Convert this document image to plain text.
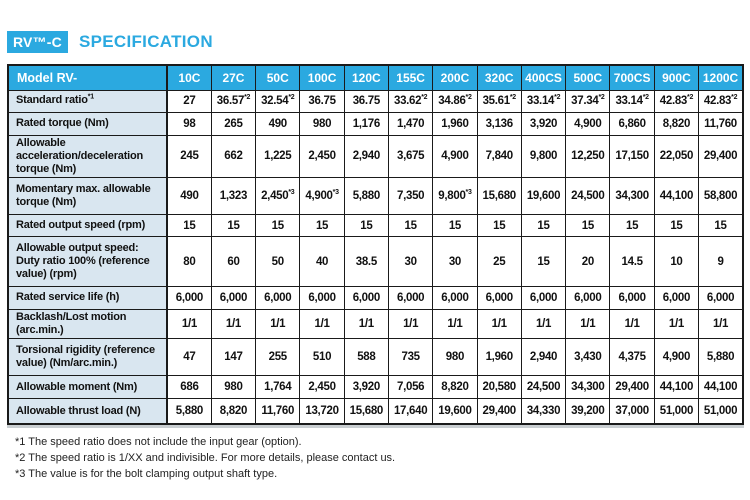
RV™-C	SPECIFICATION
Model RV-	10C	27C	50C	100C	120C	155C	200C	320C	400CS	500C	700CS	900C	1200C
Standard ratio$^{*1}$	27	36.57$^{*2}$	32.54$^{*2}$	36.75	36.75	33.62$^{*2}$	34.86$^{*2}$	35.61$^{*2}$	33.14$^{*2}$	37.34$^{*2}$	33.14$^{*2}$	42.83$^{*2}$	42.83$^{*2}$
Rated torque (Nm)	98	265	490	980	1,176	1,470	1,960	3,136	3,920	4,900	6,860	8,820	11,760
Allowable acceleration/deceleration torque (Nm)	245	662	1,225	2,450	2,940	3,675	4,900	7,840	9,800	12,250	17,150	22,050	29,400
Momentary max. allowable torque (Nm)	490	1,323	2,450$^{*3}$	4,900$^{*3}$	5,880	7,350	9,800$^{*3}$	15,680	19,600	24,500	34,300	44,100	58,800
Rated output speed (rpm)	15	15	15	15	15	15	15	15	15	15	15	15	15
Allowable output speed: Duty ratio 100% (reference value) (rpm)	80	60	50	40	38.5	30	30	25	15	20	14.5	10	9
Rated service life (h)	6,000	6,000	6,000	6,000	6,000	6,000	6,000	6,000	6,000	6,000	6,000	6,000	6,000
Backlash/Lost motion (arc.min.)	1/1	1/1	1/1	1/1	1/1	1/1	1/1	1/1	1/1	1/1	1/1	1/1	1/1
Torsional rigidity (reference value) (Nm/arc.min.)	47	147	255	510	588	735	980	1,960	2,940	3,430	4,375	4,900	5,880
Allowable moment (Nm)	686	980	1,764	2,450	3,920	7,056	8,820	20,580	24,500	34,300	29,400	44,100	44,100
Allowable thrust load (N)	5,880	8,820	11,760	13,720	15,680	17,640	19,600	29,400	34,330	39,200	37,000	51,000	51,000
*1 The speed ratio does not include the input gear (option).
*2 The speed ratio is 1/XX and indivisible. For more details, please contact us.
*3 The value is for the bolt clamping output shaft type.
